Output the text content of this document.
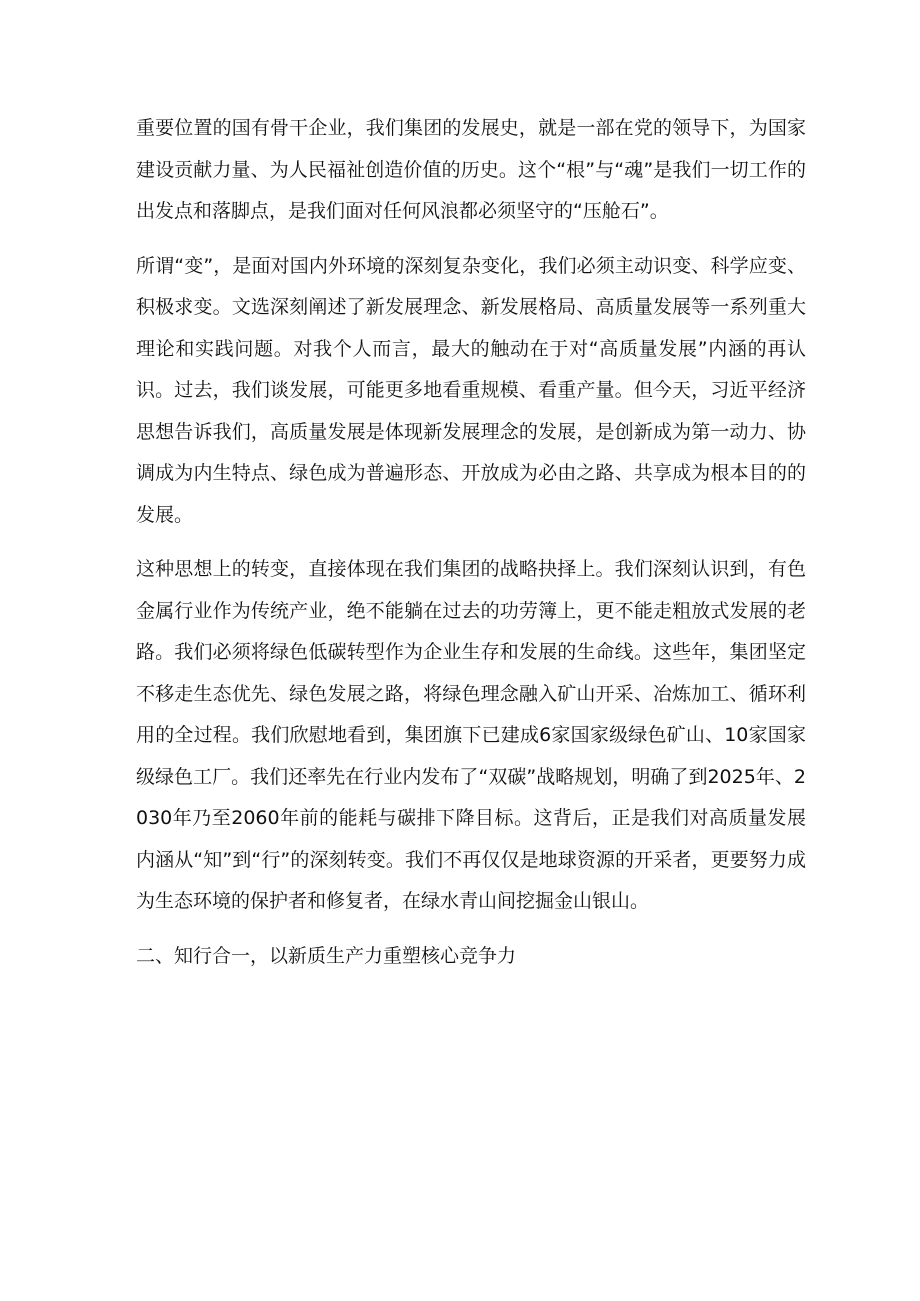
重要位置的国有骨干企业，我们集团的发展史，就是一部在党的领导下，为国家建设贡献力量、为人民福祉创造价值的历史。这个“根”与“魂”是我们一切工作的出发点和落脚点，是我们面对任何风浪都必须坚守的“压舱石”。

所谓“变”，是面对国内外环境的深刻复杂变化，我们必须主动识变、科学应变、积极求变。文选深刻阐述了新发展理念、新发展格局、高质量发展等一系列重大理论和实践问题。对我个人而言，最大的触动在于对“高质量发展”内涵的再认识。过去，我们谈发展，可能更多地看重规模、看重产量。但今天，习近平经济思想告诉我们，高质量发展是体现新发展理念的发展，是创新成为第一动力、协调成为内生特点、绿色成为普遍形态、开放成为必由之路、共享成为根本目的的发展。

这种思想上的转变，直接体现在我们集团的战略抉择上。我们深刻认识到，有色金属行业作为传统产业，绝不能躺在过去的功劳簿上，更不能走粗放式发展的老路。我们必须将绿色低碳转型作为企业生存和发展的生命线。这些年，集团坚定不移走生态优先、绿色发展之路，将绿色理念融入矿山开采、冶炼加工、循环利用的全过程。我们欣慰地看到，集团旗下已建成6家国家级绿色矿山、10家国家级绿色工厂。我们还率先在行业内发布了“双碳”战略规划，明确了到2025年、2030年乃至2060年前的能耗与碳排下降目标。这背后，正是我们对高质量发展内涵从“知”到“行”的深刻转变。我们不再仅仅是地球资源的开采者，更要努力成为生态环境的保护者和修复者，在绿水青山间挖掘金山银山。

二、知行合一，以新质生产力重塑核心竞争力
